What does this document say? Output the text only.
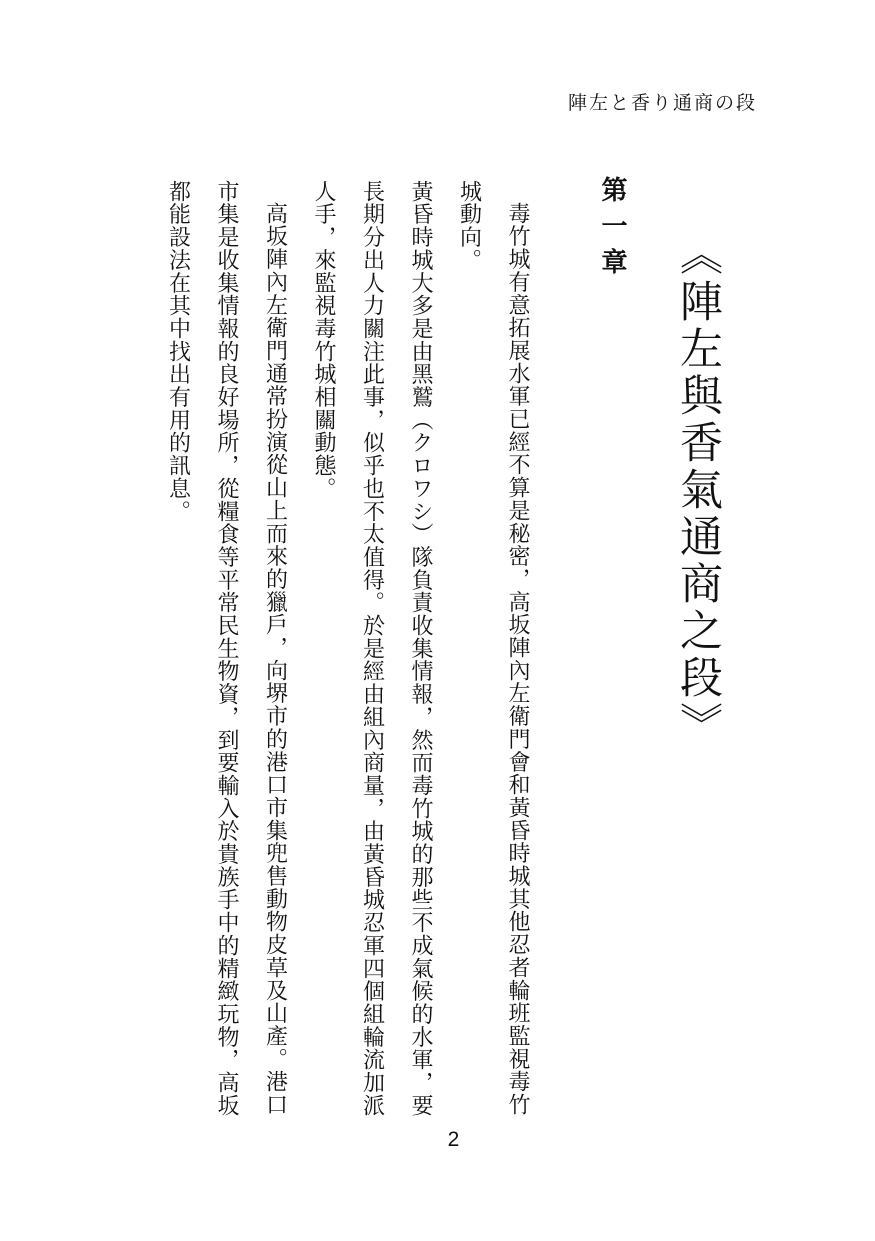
陣左と香り通商の段
《陣左與香氣通商之段》
第一章

毒竹城有意拓展水軍已經不算是秘密，高坂陣內左衛門會和黃昏時城其他忍者輪班監視毒竹城動向。

黃昏時城大多是由黑鷲（クロワシ）隊負責收集情報，然而毒竹城的那些不成氣候的水軍，要長期分出人力關注此事，似乎也不太值得。於是經由組內商量，由黃昏城忍軍四個組輪流加派人手，來監視毒竹城相關動態。

高坂陣內左衛門通常扮演從山上而來的獵戶，向堺市的港口市集兜售動物皮草及山產。港口市集是收集情報的良好場所，從糧食等平常民生物資，到要輸入於貴族手中的精緻玩物，高坂都能設法在其中找出有用的訊息。

2
